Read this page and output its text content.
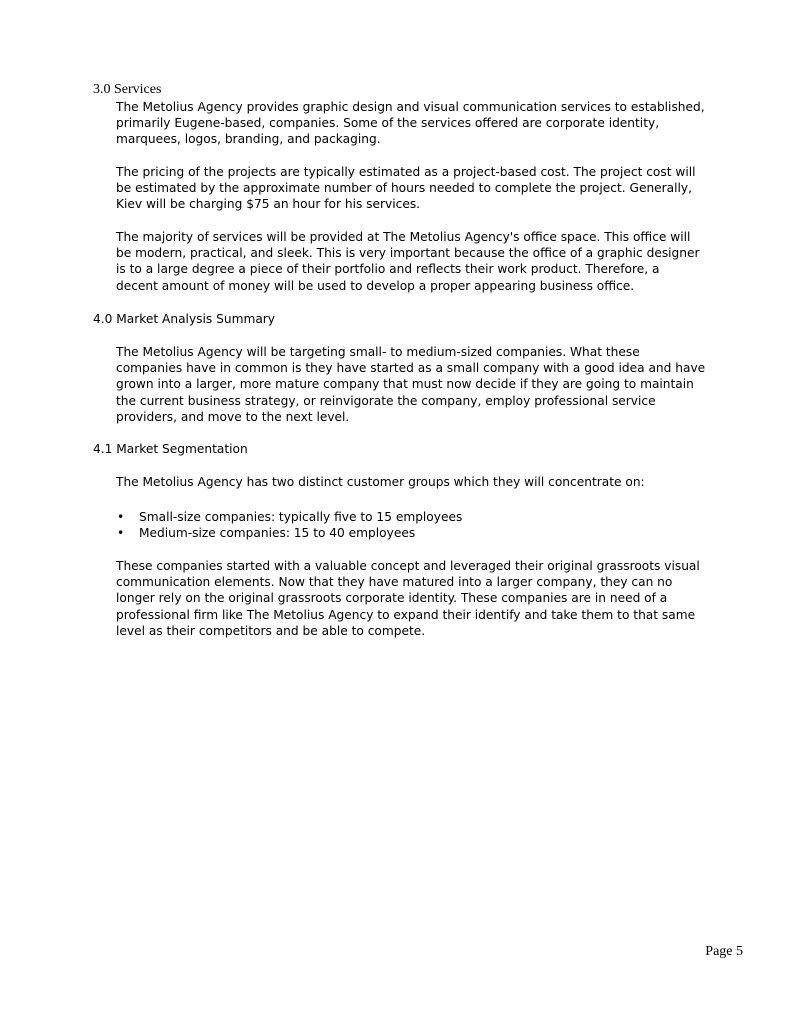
3.0 Services
The Metolius Agency provides graphic design and visual communication services to established,
primarily Eugene-based, companies. Some of the services offered are corporate identity,
marquees, logos, branding, and packaging.
The pricing of the projects are typically estimated as a project-based cost. The project cost will
be estimated by the approximate number of hours needed to complete the project. Generally,
Kiev will be charging $75 an hour for his services.
The majority of services will be provided at The Metolius Agency's office space. This office will
be modern, practical, and sleek. This is very important because the office of a graphic designer
is to a large degree a piece of their portfolio and reflects their work product. Therefore, a
decent amount of money will be used to develop a proper appearing business office.
4.0 Market Analysis Summary
The Metolius Agency will be targeting small- to medium-sized companies. What these
companies have in common is they have started as a small company with a good idea and have
grown into a larger, more mature company that must now decide if they are going to maintain
the current business strategy, or reinvigorate the company, employ professional service
providers, and move to the next level.
4.1 Market Segmentation
The Metolius Agency has two distinct customer groups which they will concentrate on:
• Small-size companies: typically five to 15 employees
• Medium-size companies: 15 to 40 employees
These companies started with a valuable concept and leveraged their original grassroots visual
communication elements. Now that they have matured into a larger company, they can no
longer rely on the original grassroots corporate identity. These companies are in need of a
professional firm like The Metolius Agency to expand their identify and take them to that same
level as their competitors and be able to compete.
Page 5
